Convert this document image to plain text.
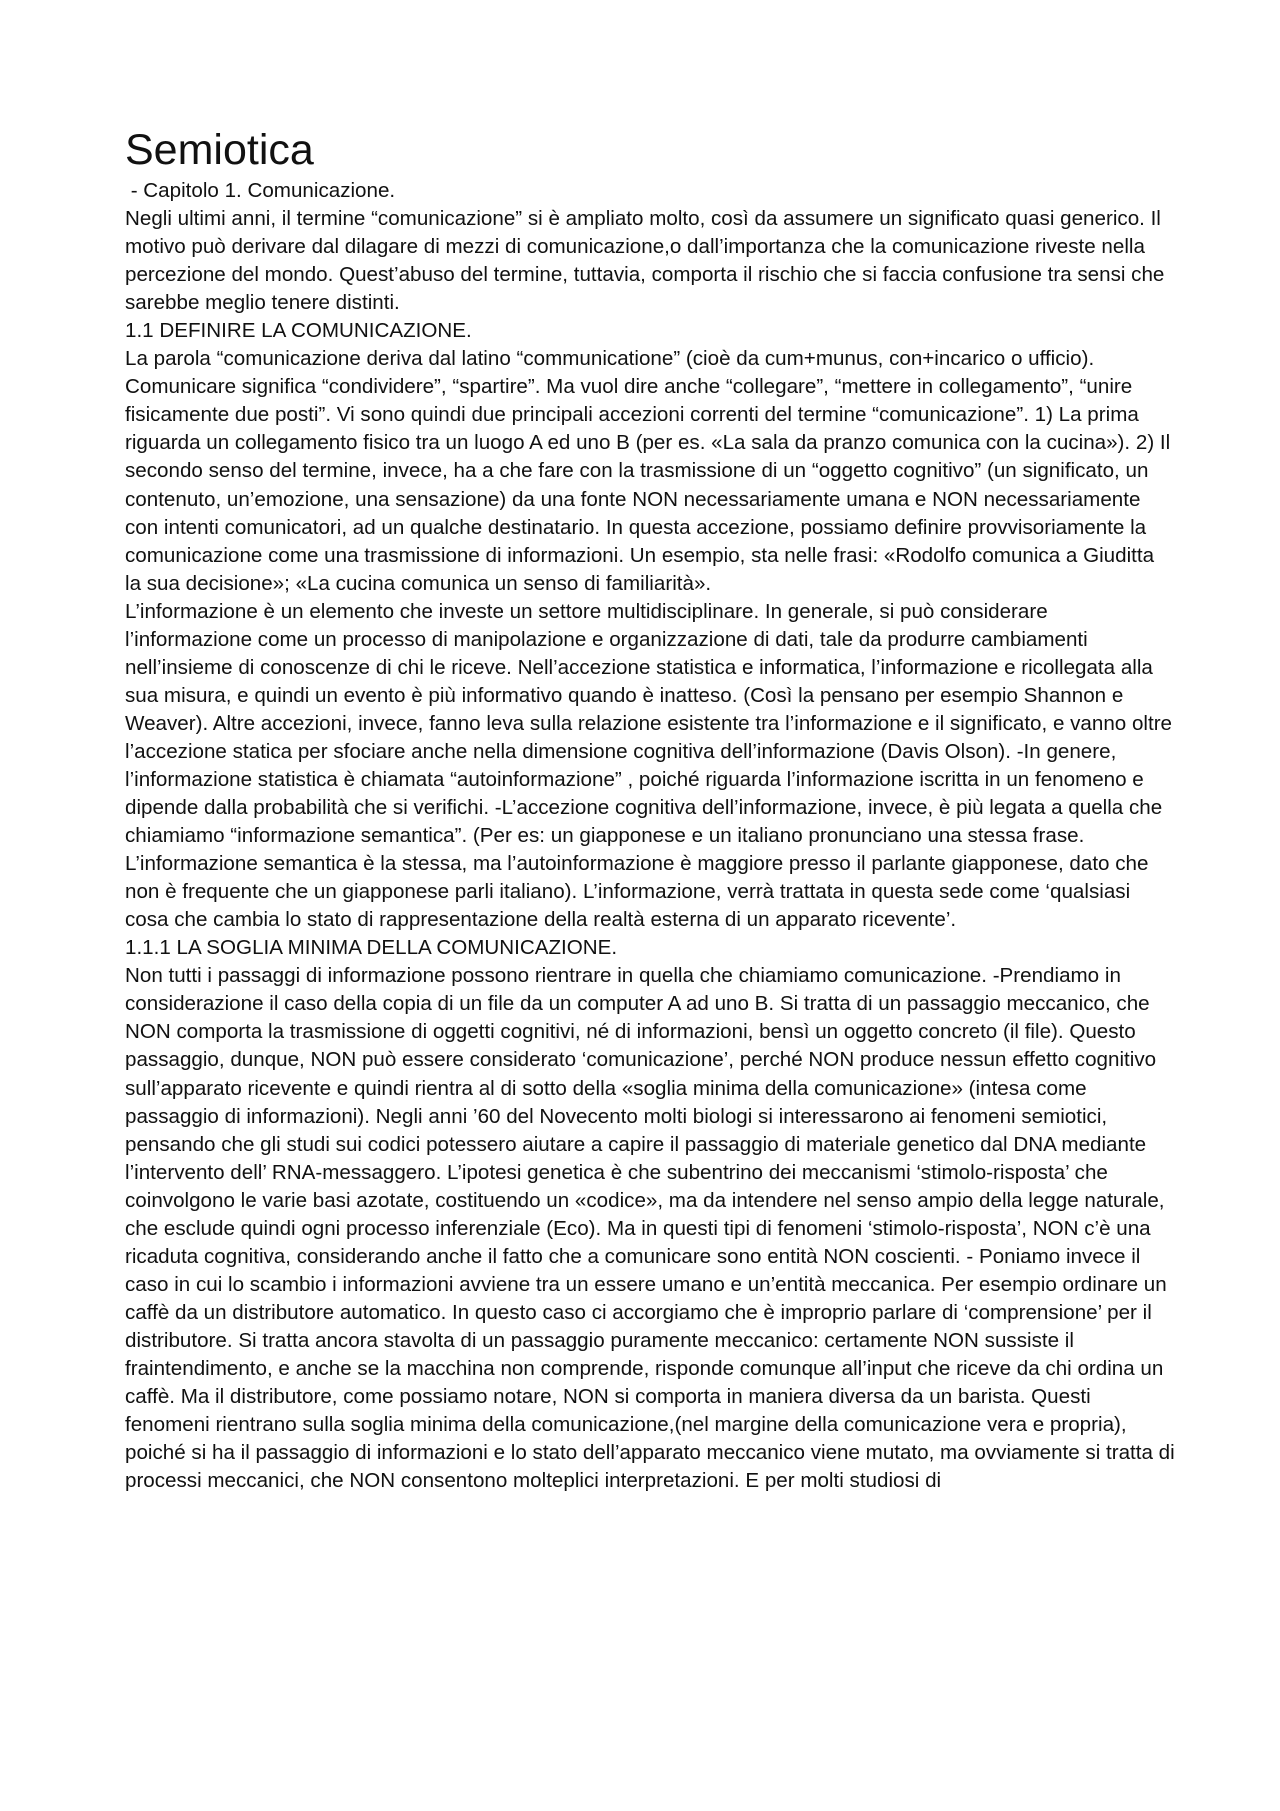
Semiotica

- Capitolo 1. Comunicazione.

Negli ultimi anni, il termine “comunicazione” si è ampliato molto, così da assumere un significato quasi generico. Il motivo può derivare dal dilagare di mezzi di comunicazione,o dall’importanza che la comunicazione riveste nella percezione del mondo. Quest’abuso del termine, tuttavia, comporta il rischio che si faccia confusione tra sensi che sarebbe meglio tenere distinti.

1.1 DEFINIRE LA COMUNICAZIONE.

La parola “comunicazione deriva dal latino “communicatione” (cioè da cum+munus, con+incarico o ufficio). Comunicare significa “condividere”, “spartire”. Ma vuol dire anche “collegare”, “mettere in collegamento”, “unire fisicamente due posti”. Vi sono quindi due principali accezioni correnti del termine “comunicazione”. 1) La prima riguarda un collegamento fisico tra un luogo A ed uno B (per es. «La sala da pranzo comunica con la cucina»). 2) Il secondo senso del termine, invece, ha a che fare con la trasmissione di un “oggetto cognitivo” (un significato, un contenuto, un’emozione, una sensazione) da una fonte NON necessariamente umana e NON necessariamente con intenti comunicatori, ad un qualche destinatario. In questa accezione, possiamo definire provvisoriamente la comunicazione come una trasmissione di informazioni. Un esempio, sta nelle frasi: «Rodolfo comunica a Giuditta la sua decisione»; «La cucina comunica un senso di familiarità».

L’informazione è un elemento che investe un settore multidisciplinare. In generale, si può considerare l’informazione come un processo di manipolazione e organizzazione di dati, tale da produrre cambiamenti nell’insieme di conoscenze di chi le riceve. Nell’accezione statistica e informatica, l’informazione e ricollegata alla sua misura, e quindi un evento è più informativo quando è inatteso. (Così la pensano per esempio Shannon e Weaver). Altre accezioni, invece, fanno leva sulla relazione esistente tra l’informazione e il significato, e vanno oltre l’accezione statica per sfociare anche nella dimensione cognitiva dell’informazione (Davis Olson). -In genere, l’informazione statistica è chiamata “autoinformazione” , poiché riguarda l’informazione iscritta in un fenomeno e dipende dalla probabilità che si verifichi. -L’accezione cognitiva dell’informazione, invece, è più legata a quella che chiamiamo “informazione semantica”. (Per es: un giapponese e un italiano pronunciano una stessa frase. L’informazione semantica è la stessa, ma l’autoinformazione è maggiore presso il parlante giapponese, dato che non è frequente che un giapponese parli italiano). L’informazione, verrà trattata in questa sede come ‘qualsiasi cosa che cambia lo stato di rappresentazione della realtà esterna di un apparato ricevente’.

1.1.1 LA SOGLIA MINIMA DELLA COMUNICAZIONE.

Non tutti i passaggi di informazione possono rientrare in quella che chiamiamo comunicazione. -Prendiamo in considerazione il caso della copia di un file da un computer A ad uno B. Si tratta di un passaggio meccanico, che NON comporta la trasmissione di oggetti cognitivi, né di informazioni, bensì un oggetto concreto (il file). Questo passaggio, dunque, NON può essere considerato ‘comunicazione’, perché NON produce nessun effetto cognitivo sull’apparato ricevente e quindi rientra al di sotto della «soglia minima della comunicazione» (intesa come passaggio di informazioni). Negli anni ’60 del Novecento molti biologi si interessarono ai fenomeni semiotici, pensando che gli studi sui codici potessero aiutare a capire il passaggio di materiale genetico dal DNA mediante l’intervento dell’ RNA-messaggero. L’ipotesi genetica è che subentrino dei meccanismi ‘stimolo-risposta’ che coinvolgono le varie basi azotate, costituendo un «codice», ma da intendere nel senso ampio della legge naturale, che esclude quindi ogni processo inferenziale (Eco). Ma in questi tipi di fenomeni ‘stimolo-risposta’, NON c’è una ricaduta cognitiva, considerando anche il fatto che a comunicare sono entità NON coscienti. - Poniamo invece il caso in cui lo scambio i informazioni avviene tra un essere umano e un’entità meccanica. Per esempio ordinare un caffè da un distributore automatico. In questo caso ci accorgiamo che è improprio parlare di ‘comprensione’ per il distributore. Si tratta ancora stavolta di un passaggio puramente meccanico: certamente NON sussiste il fraintendimento, e anche se la macchina non comprende, risponde comunque all’input che riceve da chi ordina un caffè. Ma il distributore, come possiamo notare, NON si comporta in maniera diversa da un barista. Questi fenomeni rientrano sulla soglia minima della comunicazione,(nel margine della comunicazione vera e propria), poiché si ha il passaggio di informazioni e lo stato dell’apparato meccanico viene mutato, ma ovviamente si tratta di processi meccanici, che NON consentono molteplici interpretazioni. E per molti studiosi di
